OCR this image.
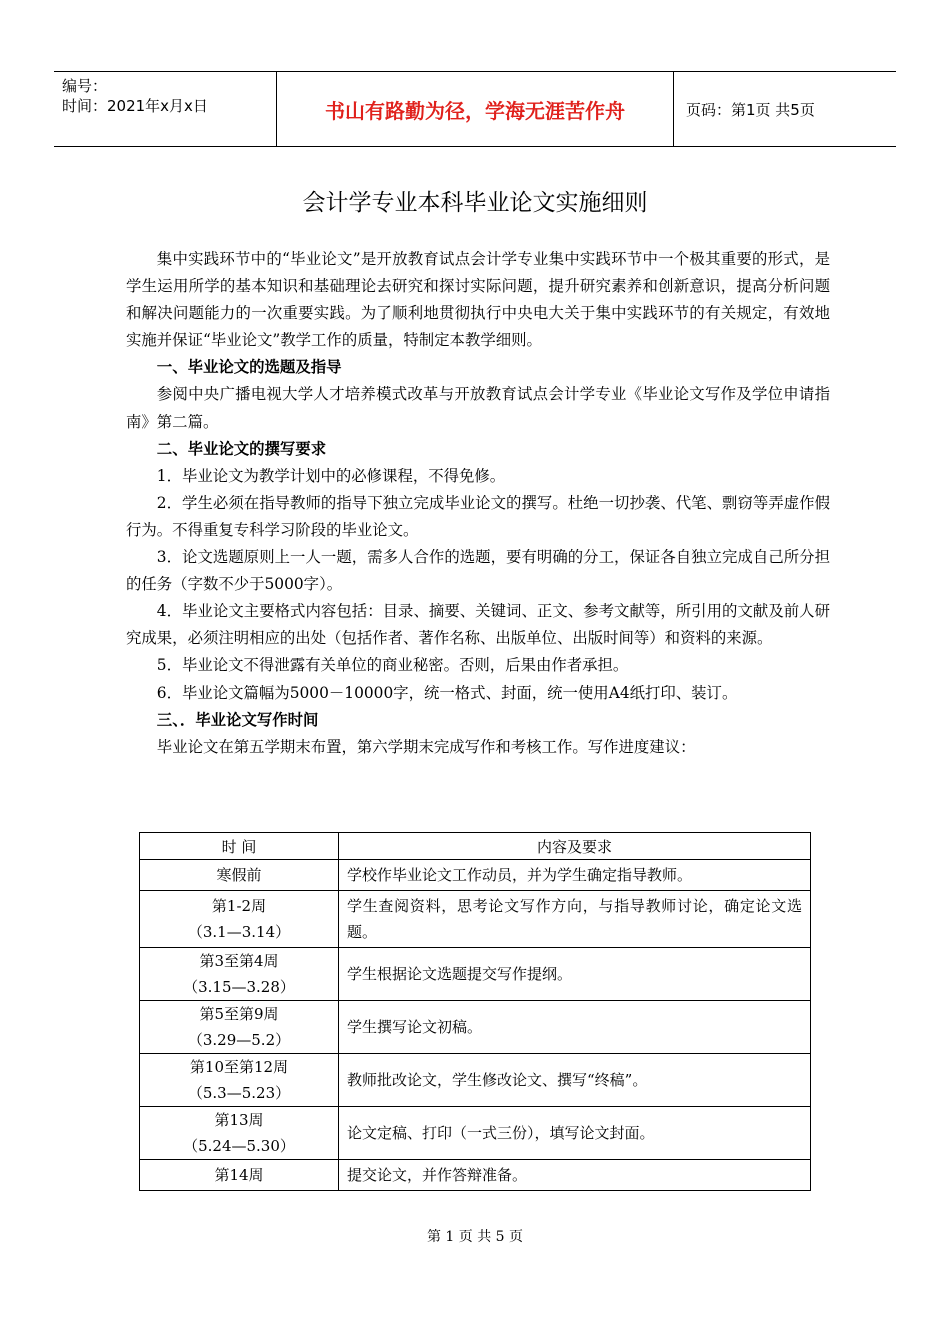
编号：
时间：2021年x月x日	书山有路勤为径，学海无涯苦作舟	页码：第1页 共5页
会计学专业本科毕业论文实施细则

集中实践环节中的“毕业论文”是开放教育试点会计学专业集中实践环节中一个极其重要的形式，是学生运用所学的基本知识和基础理论去研究和探讨实际问题，提升研究素养和创新意识，提高分析问题和解决问题能力的一次重要实践。为了顺利地贯彻执行中央电大关于集中实践环节的有关规定，有效地实施并保证“毕业论文”教学工作的质量，特制定本教学细则。

一、毕业论文的选题及指导

参阅中央广播电视大学人才培养模式改革与开放教育试点会计学专业《毕业论文写作及学位申请指南》第二篇。

二、毕业论文的撰写要求

1．毕业论文为教学计划中的必修课程，不得免修。

2．学生必须在指导教师的指导下独立完成毕业论文的撰写。杜绝一切抄袭、代笔、剽窃等弄虚作假行为。不得重复专科学习阶段的毕业论文。

3．论文选题原则上一人一题，需多人合作的选题，要有明确的分工，保证各自独立完成自己所分担的任务（字数不少于5000字）。

4．毕业论文主要格式内容包括：目录、摘要、关键词、正文、参考文献等，所引用的文献及前人研究成果，必须注明相应的出处（包括作者、著作名称、出版单位、出版时间等）和资料的来源。

5．毕业论文不得泄露有关单位的商业秘密。否则，后果由作者承担。

6．毕业论文篇幅为5000－10000字，统一格式、封面，统一使用A4纸打印、装订。

三、．毕业论文写作时间

毕业论文在第五学期末布置，第六学期末完成写作和考核工作。写作进度建议：

时 间	内容及要求
寒假前	学校作毕业论文工作动员，并为学生确定指导教师。

第1-2周
（3.1—3.14）	学生查阅资料，思考论文写作方向，与指导教师讨论，确定论文选题。

第3至第4周
（3.15—3.28）	学生根据论文选题提交写作提纲。

第5至第9周
（3.29—5.2）	学生撰写论文初稿。

第10至第12周
（5.3—5.23）	教师批改论文，学生修改论文、撰写“终稿”。

第13周
（5.24—5.30）	论文定稿、打印（一式三份），填写论文封面。
第14周	提交论文，并作答辩准备。
第 1 页 共 5 页
